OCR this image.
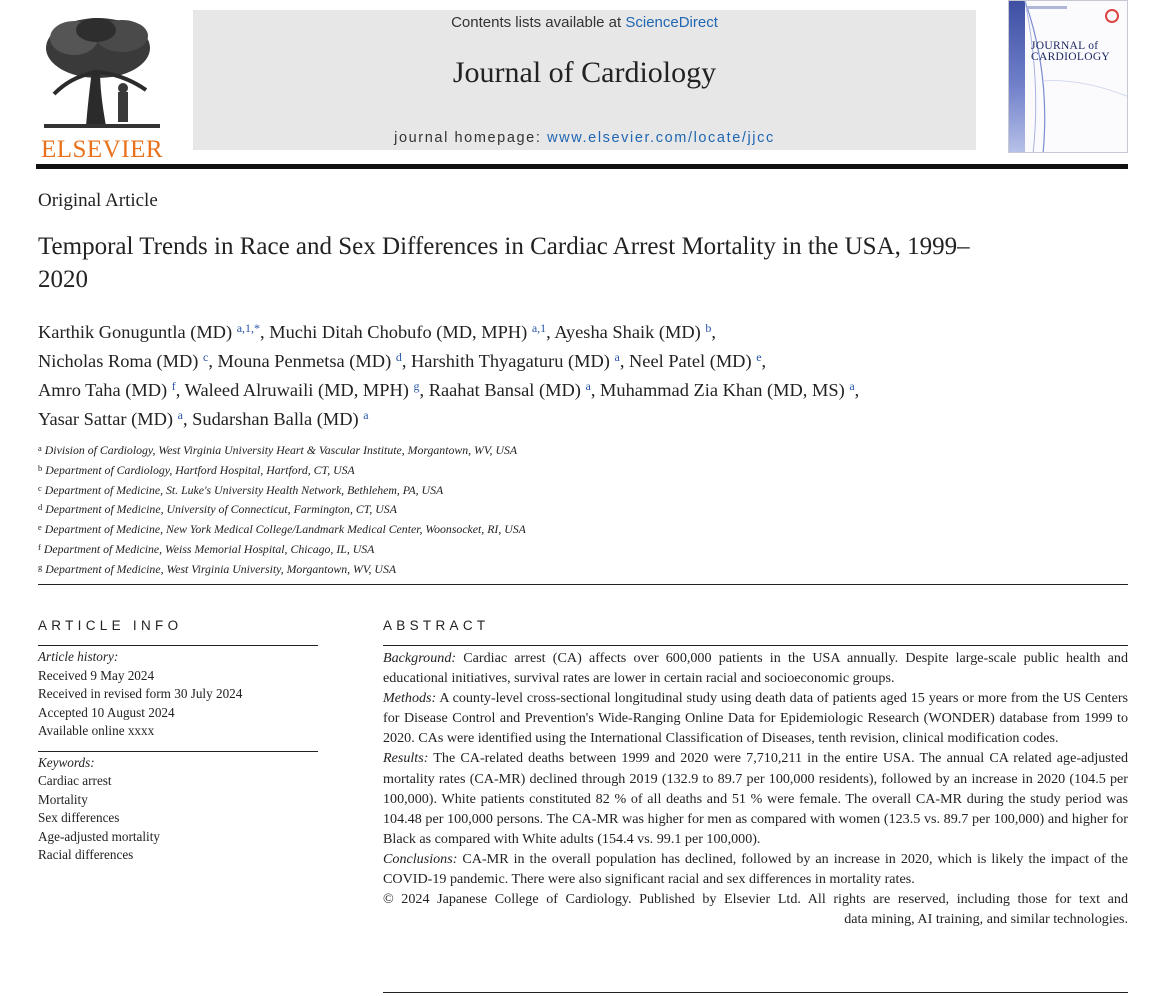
ELSEVIER
Contents lists available at ScienceDirect
Journal of Cardiology
journal homepage: www.elsevier.com/locate/jjcc
JOURNAL of
CARDIOLOGY
Original Article
Temporal Trends in Race and Sex Differences in Cardiac Arrest Mortality in the USA, 1999–2020
Karthik Gonuguntla (MD) $^{a,1,*}$, Muchi Ditah Chobufo (MD, MPH) $^{a,1}$, Ayesha Shaik (MD) $^b$,
Nicholas Roma (MD) $^c$, Mouna Penmetsa (MD) $^d$, Harshith Thyagaturu (MD) $^a$, Neel Patel (MD) $^e$,
Amro Taha (MD) $^f$, Waleed Alruwaili (MD, MPH) $^g$, Raahat Bansal (MD) $^a$, Muhammad Zia Khan (MD, MS) $^a$,
Yasar Sattar (MD) $^a$, Sudarshan Balla (MD) $^a$
$^a$ Division of Cardiology, West Virginia University Heart & Vascular Institute, Morgantown, WV, USA
$^b$ Department of Cardiology, Hartford Hospital, Hartford, CT, USA
$^c$ Department of Medicine, St. Luke's University Health Network, Bethlehem, PA, USA
$^d$ Department of Medicine, University of Connecticut, Farmington, CT, USA
$^e$ Department of Medicine, New York Medical College/Landmark Medical Center, Woonsocket, RI, USA
$^f$ Department of Medicine, Weiss Memorial Hospital, Chicago, IL, USA
$^g$ Department of Medicine, West Virginia University, Morgantown, WV, USA
ARTICLE INFO
Article history:
Received 9 May 2024
Received in revised form 30 July 2024
Accepted 10 August 2024
Available online xxxx
Keywords:
Cardiac arrest
Mortality
Sex differences
Age-adjusted mortality
Racial differences
ABSTRACT
Background: Cardiac arrest (CA) affects over 600,000 patients in the USA annually. Despite large-scale public health and educational initiatives, survival rates are lower in certain racial and socioeconomic groups.
Methods: A county-level cross-sectional longitudinal study using death data of patients aged 15 years or more from the US Centers for Disease Control and Prevention's Wide-Ranging Online Data for Epidemiologic Research (WONDER) database from 1999 to 2020. CAs were identified using the International Classification of Diseases, tenth revision, clinical modification codes.
Results: The CA-related deaths between 1999 and 2020 were 7,710,211 in the entire USA. The annual CA related age-adjusted mortality rates (CA-MR) declined through 2019 (132.9 to 89.7 per 100,000 residents), followed by an increase in 2020 (104.5 per 100,000). White patients constituted 82 % of all deaths and 51 % were female. The overall CA-MR during the study period was 104.48 per 100,000 persons. The CA-MR was higher for men as compared with women (123.5 vs. 89.7 per 100,000) and higher for Black as compared with White adults (154.4 vs. 99.1 per 100,000).
Conclusions: CA-MR in the overall population has declined, followed by an increase in 2020, which is likely the impact of the COVID-19 pandemic. There were also significant racial and sex differences in mortality rates.
© 2024 Japanese College of Cardiology. Published by Elsevier Ltd. All rights are reserved, including those for text and
data mining, AI training, and similar technologies.
